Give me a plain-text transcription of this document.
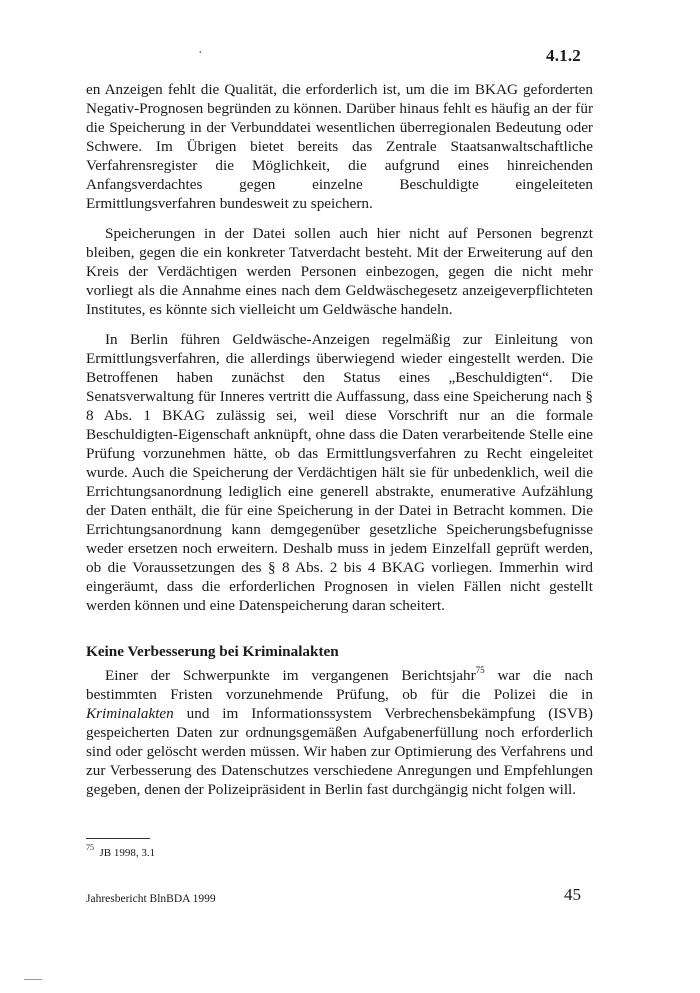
4.1.2
·

en Anzeigen fehlt die Qualität, die erforderlich ist, um die im BKAG geforderten Negativ-Prognosen begründen zu können. Darüber hinaus fehlt es häufig an der für die Speicherung in der Verbunddatei wesentlichen überregionalen Bedeutung oder Schwere. Im Übrigen bietet bereits das Zentrale Staatsanwaltschaftliche Verfahrensregister die Möglichkeit, die aufgrund eines hinreichenden Anfangsverdachtes gegen einzelne Beschuldigte eingeleiteten Ermittlungsverfahren bundesweit zu speichern.

Speicherungen in der Datei sollen auch hier nicht auf Personen begrenzt bleiben, gegen die ein konkreter Tatverdacht besteht. Mit der Erweiterung auf den Kreis der Verdächtigen werden Personen einbezogen, gegen die nicht mehr vorliegt als die Annahme eines nach dem Geldwäschegesetz anzeigeverpflichteten Institutes, es könnte sich vielleicht um Geldwäsche handeln.

In Berlin führen Geldwäsche-Anzeigen regelmäßig zur Einleitung von Ermittlungsverfahren, die allerdings überwiegend wieder eingestellt werden. Die Betroffenen haben zunächst den Status eines „Beschuldigten“. Die Senatsverwaltung für Inneres vertritt die Auffassung, dass eine Speicherung nach § 8 Abs. 1 BKAG zulässig sei, weil diese Vorschrift nur an die formale Beschuldigten-Eigenschaft anknüpft, ohne dass die Daten verarbeitende Stelle eine Prüfung vorzunehmen hätte, ob das Ermittlungsverfahren zu Recht eingeleitet wurde. Auch die Speicherung der Verdächtigen hält sie für unbedenklich, weil die Errichtungsanordnung lediglich eine generell abstrakte, enumerative Aufzählung der Daten enthält, die für eine Speicherung in der Datei in Betracht kommen. Die Errichtungsanordnung kann demgegenüber gesetzliche Speicherungsbefugnisse weder ersetzen noch erweitern. Deshalb muss in jedem Einzelfall geprüft werden, ob die Voraussetzungen des § 8 Abs. 2 bis 4 BKAG vorliegen. Immerhin wird eingeräumt, dass die erforderlichen Prognosen in vielen Fällen nicht gestellt werden können und eine Datenspeicherung daran scheitert.

Keine Verbesserung bei Kriminalakten

Einer der Schwerpunkte im vergangenen Berichtsjahr$^{75}$ war die nach bestimmten Fristen vorzunehmende Prüfung, ob für die Polizei die in Kriminalakten und im Informationssystem Verbrechensbekämpfung (ISVB) gespeicherten Daten zur ordnungsgemäßen Aufgabenerfüllung noch erforderlich sind oder gelöscht werden müssen. Wir haben zur Optimierung des Verfahrens und zur Verbesserung des Datenschutzes verschiedene Anregungen und Empfehlungen gegeben, denen der Polizeipräsident in Berlin fast durchgängig nicht folgen will.

$^{75}$ JB 1998, 3.1
Jahresbericht BlnBDA 1999	45
